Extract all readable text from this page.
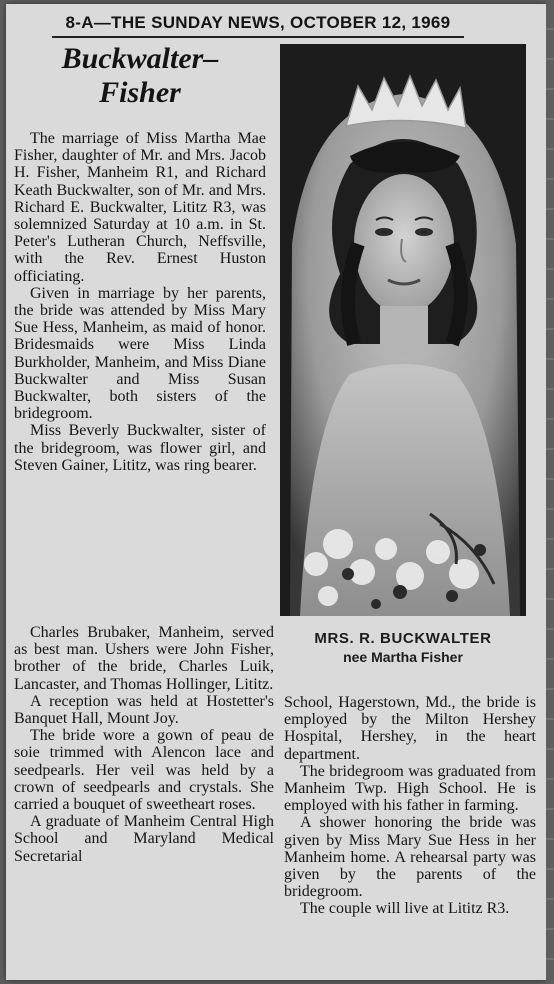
8-A—THE SUNDAY NEWS, OCTOBER 12, 1969
Buckwalter–
Fisher

The marriage of Miss Martha Mae Fisher, daughter of Mr. and Mrs. Jacob H. Fisher, Manheim R1, and Richard Keath Buckwalter, son of Mr. and Mrs. Richard E. Buckwalter, Lititz R3, was solemnized Saturday at 10 a.m. in St. Peter's Lutheran Church, Neffsville, with the Rev. Ernest Huston officiating.

Given in marriage by her parents, the bride was attended by Miss Mary Sue Hess, Manheim, as maid of honor. Bridesmaids were Miss Linda Burkholder, Manheim, and Miss Diane Buckwalter and Miss Susan Buckwalter, both sisters of the bridegroom.

Miss Beverly Buckwalter, sister of the bridegroom, was flower girl, and Steven Gainer, Lititz, was ring bearer.

Charles Brubaker, Manheim, served as best man. Ushers were John Fisher, brother of the bride, Charles Luik, Lancaster, and Thomas Hollinger, Lititz.

A reception was held at Hostetter's Banquet Hall, Mount Joy.

The bride wore a gown of peau de soie trimmed with Alencon lace and seedpearls. Her veil was held by a crown of seedpearls and crystals. She carried a bouquet of sweetheart roses.

A graduate of Manheim Central High School and Maryland Medical Secretarial

MRS. R. BUCKWALTER
nee Martha Fisher

School, Hagerstown, Md., the bride is employed by the Milton Hershey Hospital, Hershey, in the heart department.

The bridegroom was graduated from Manheim Twp. High School. He is employed with his father in farming.

A shower honoring the bride was given by Miss Mary Sue Hess in her Manheim home. A rehearsal party was given by the parents of the bridegroom.

The couple will live at Lititz R3.
